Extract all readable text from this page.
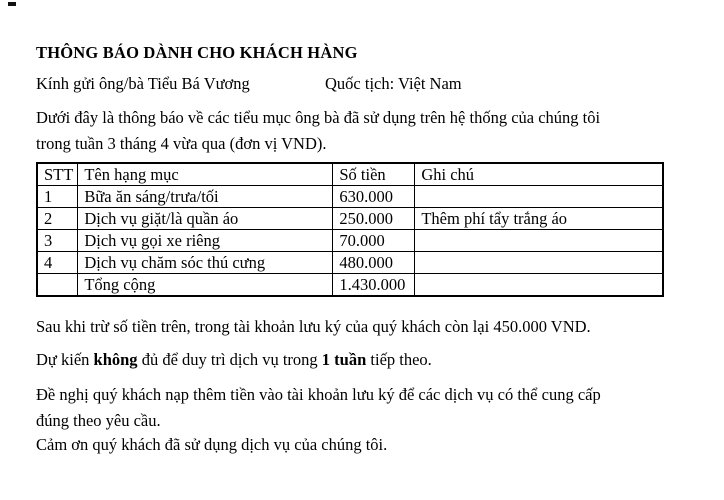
THÔNG BÁO DÀNH CHO KHÁCH HÀNG
Kính gửi ông/bà Tiểu Bá Vương	Quốc tịch: Việt Nam
Dưới đây là thông báo về các tiểu mục ông bà đã sử dụng trên hệ thống của chúng tôi
trong tuần 3 tháng 4 vừa qua (đơn vị VND).
STT	Tên hạng mục	Số tiền	Ghi chú
1	Bữa ăn sáng/trưa/tối	630.000	
2	Dịch vụ giặt/là quần áo	250.000	Thêm phí tẩy trắng áo
3	Dịch vụ gọi xe riêng	70.000	
4	Dịch vụ chăm sóc thú cưng	480.000	
	Tổng cộng	1.430.000	
Sau khi trừ số tiền trên, trong tài khoản lưu ký của quý khách còn lại 450.000 VND.
Dự kiến không đủ để duy trì dịch vụ trong 1 tuần tiếp theo.
Đề nghị quý khách nạp thêm tiền vào tài khoản lưu ký để các dịch vụ có thể cung cấp
đúng theo yêu cầu.
Cảm ơn quý khách đã sử dụng dịch vụ của chúng tôi.
